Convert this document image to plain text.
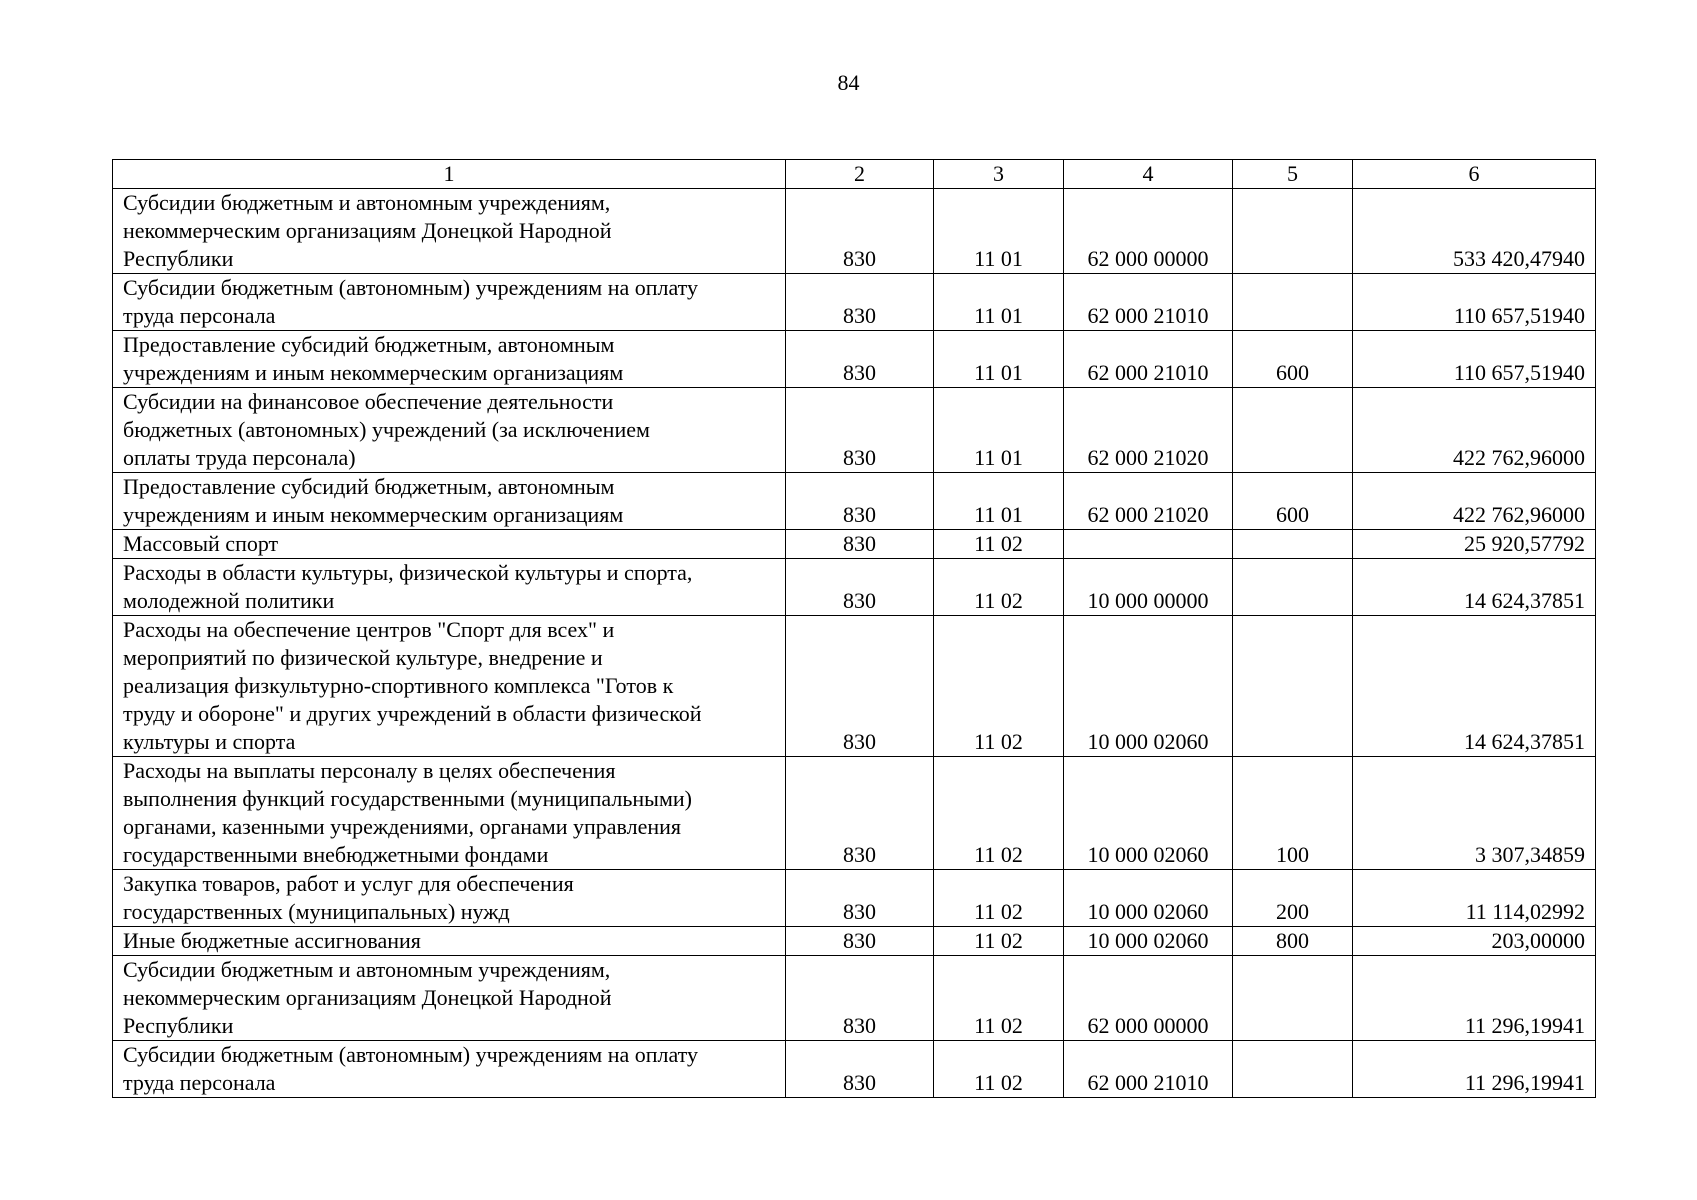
84
1	2	3	4	5	6
Субсидии бюджетным и автономным учреждениям,
некоммерческим организациям Донецкой Народной
Республики	830	11 01	62 000 00000		533 420,47940
Субсидии бюджетным (автономным) учреждениям на оплату
труда персонала	830	11 01	62 000 21010		110 657,51940
Предоставление субсидий бюджетным, автономным
учреждениям и иным некоммерческим организациям	830	11 01	62 000 21010	600	110 657,51940
Субсидии на финансовое обеспечение деятельности
бюджетных (автономных) учреждений (за исключением
оплаты труда персонала)	830	11 01	62 000 21020		422 762,96000
Предоставление субсидий бюджетным, автономным
учреждениям и иным некоммерческим организациям	830	11 01	62 000 21020	600	422 762,96000
Массовый спорт	830	11 02			25 920,57792
Расходы в области культуры, физической культуры и спорта,
молодежной политики	830	11 02	10 000 00000		14 624,37851
Расходы на обеспечение центров "Спорт для всех" и
мероприятий по физической культуре, внедрение и
реализация физкультурно-спортивного комплекса "Готов к
труду и обороне" и других учреждений в области физической
культуры и спорта	830	11 02	10 000 02060		14 624,37851
Расходы на выплаты персоналу в целях обеспечения
выполнения функций государственными (муниципальными)
органами, казенными учреждениями, органами управления
государственными внебюджетными фондами	830	11 02	10 000 02060	100	3 307,34859
Закупка товаров, работ и услуг для обеспечения
государственных (муниципальных) нужд	830	11 02	10 000 02060	200	11 114,02992
Иные бюджетные ассигнования	830	11 02	10 000 02060	800	203,00000
Субсидии бюджетным и автономным учреждениям,
некоммерческим организациям Донецкой Народной
Республики	830	11 02	62 000 00000		11 296,19941
Субсидии бюджетным (автономным) учреждениям на оплату
труда персонала	830	11 02	62 000 21010		11 296,19941
